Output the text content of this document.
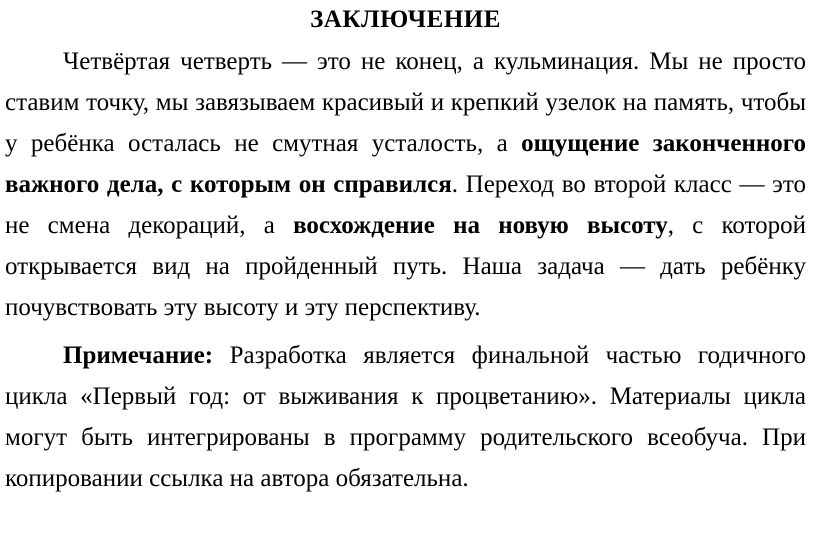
ЗАКЛЮЧЕНИЕ

Четвёртая четверть — это не конец, а кульминация. Мы не просто ставим точку, мы завязываем красивый и крепкий узелок на память, чтобы у ребёнка осталась не смутная усталость, а ощущение законченного важного дела, с которым он справился. Переход во второй класс — это не смена декораций, а восхождение на новую высоту, с которой открывается вид на пройденный путь. Наша задача — дать ребёнку почувствовать эту высоту и эту перспективу.

Примечание: Разработка является финальной частью годичного цикла «Первый год: от выживания к процветанию». Материалы цикла могут быть интегрированы в программу родительского всеобуча. При копировании ссылка на автора обязательна.
